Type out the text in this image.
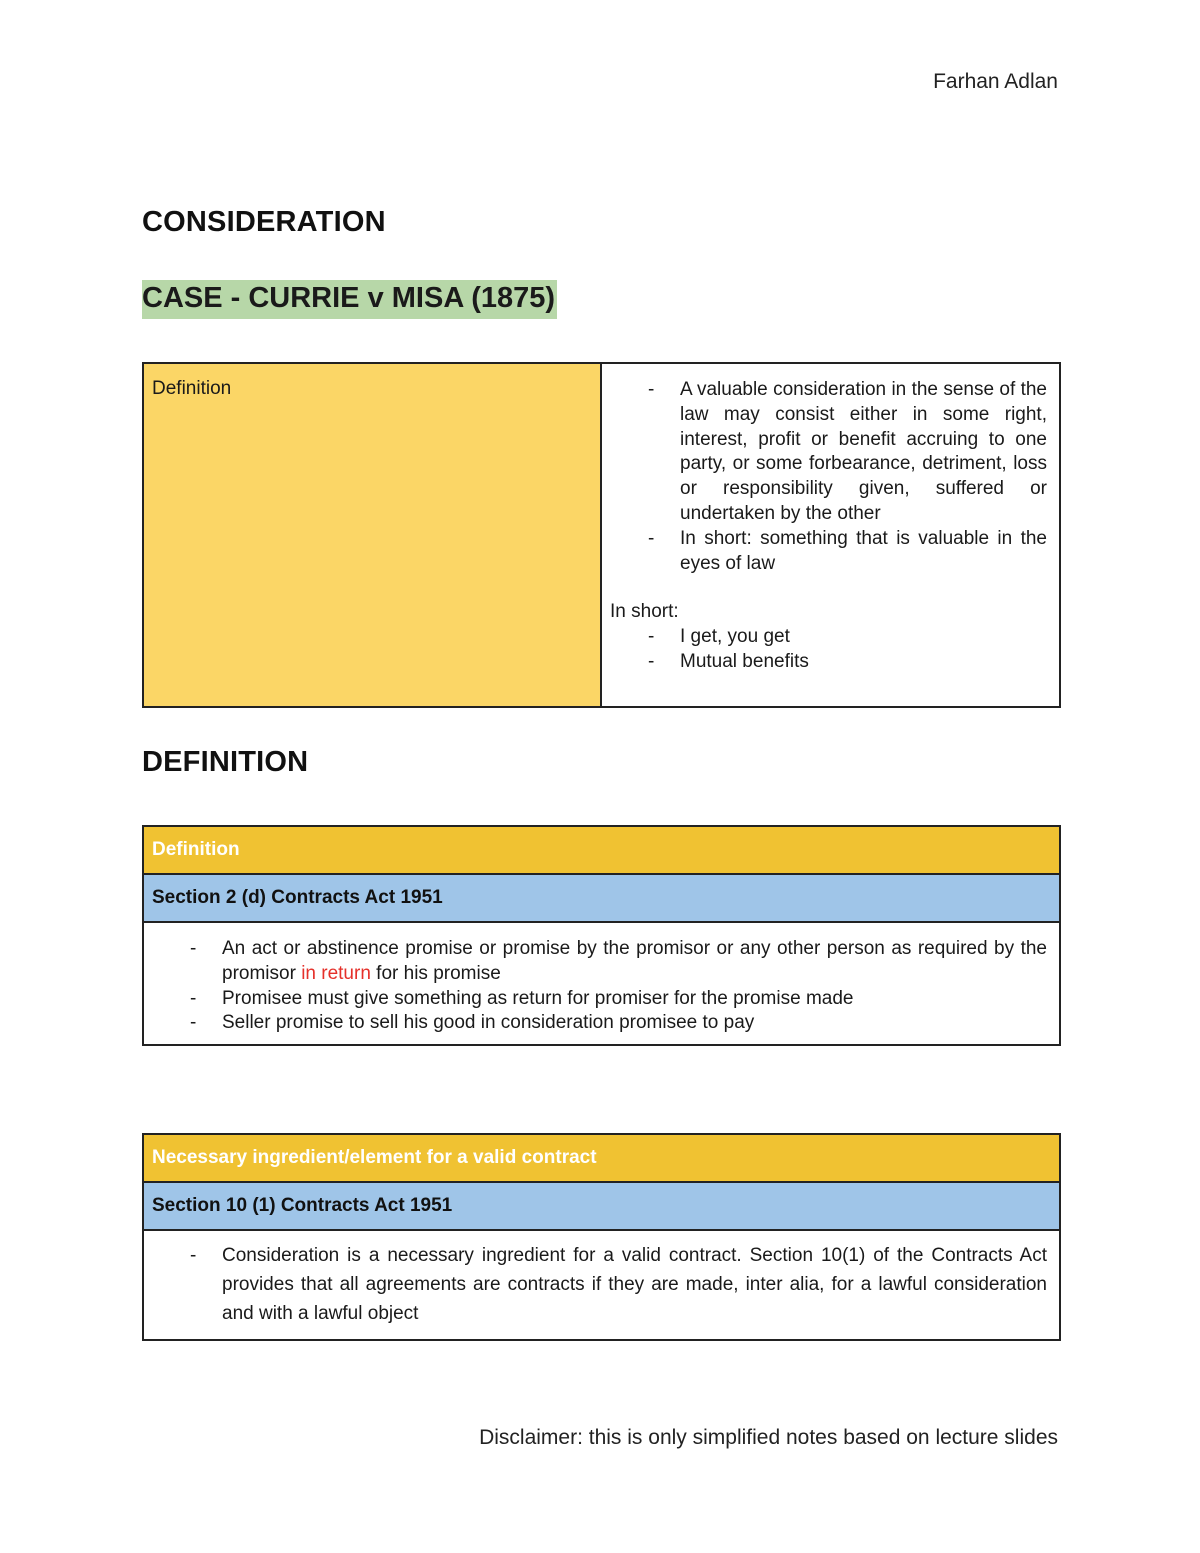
Farhan Adlan
CONSIDERATION
CASE - CURRIE v MISA (1875)
Definition
-	A valuable consideration in the sense of the law may consist either in some right, interest, profit or benefit accruing to one party, or some forbearance, detriment, loss or responsibility given, suffered or undertaken by the other
- In short: something that is valuable in the eyes of law
In short:
- I get, you get
- Mutual benefits
DEFINITION
Definition
Section 2 (d) Contracts Act 1951
- An act or abstinence promise or promise by the promisor or any other person as required by the promisor in return for his promise
- Promisee must give something as return for promiser for the promise made
- Seller promise to sell his good in consideration promisee to pay
Necessary ingredient/element for a valid contract
Section 10 (1) Contracts Act 1951
- Consideration is a necessary ingredient for a valid contract. Section 10(1) of the Contracts Act provides that all agreements are contracts if they are made, inter alia, for a lawful consideration and with a lawful object
Disclaimer: this is only simplified notes based on lecture slides
